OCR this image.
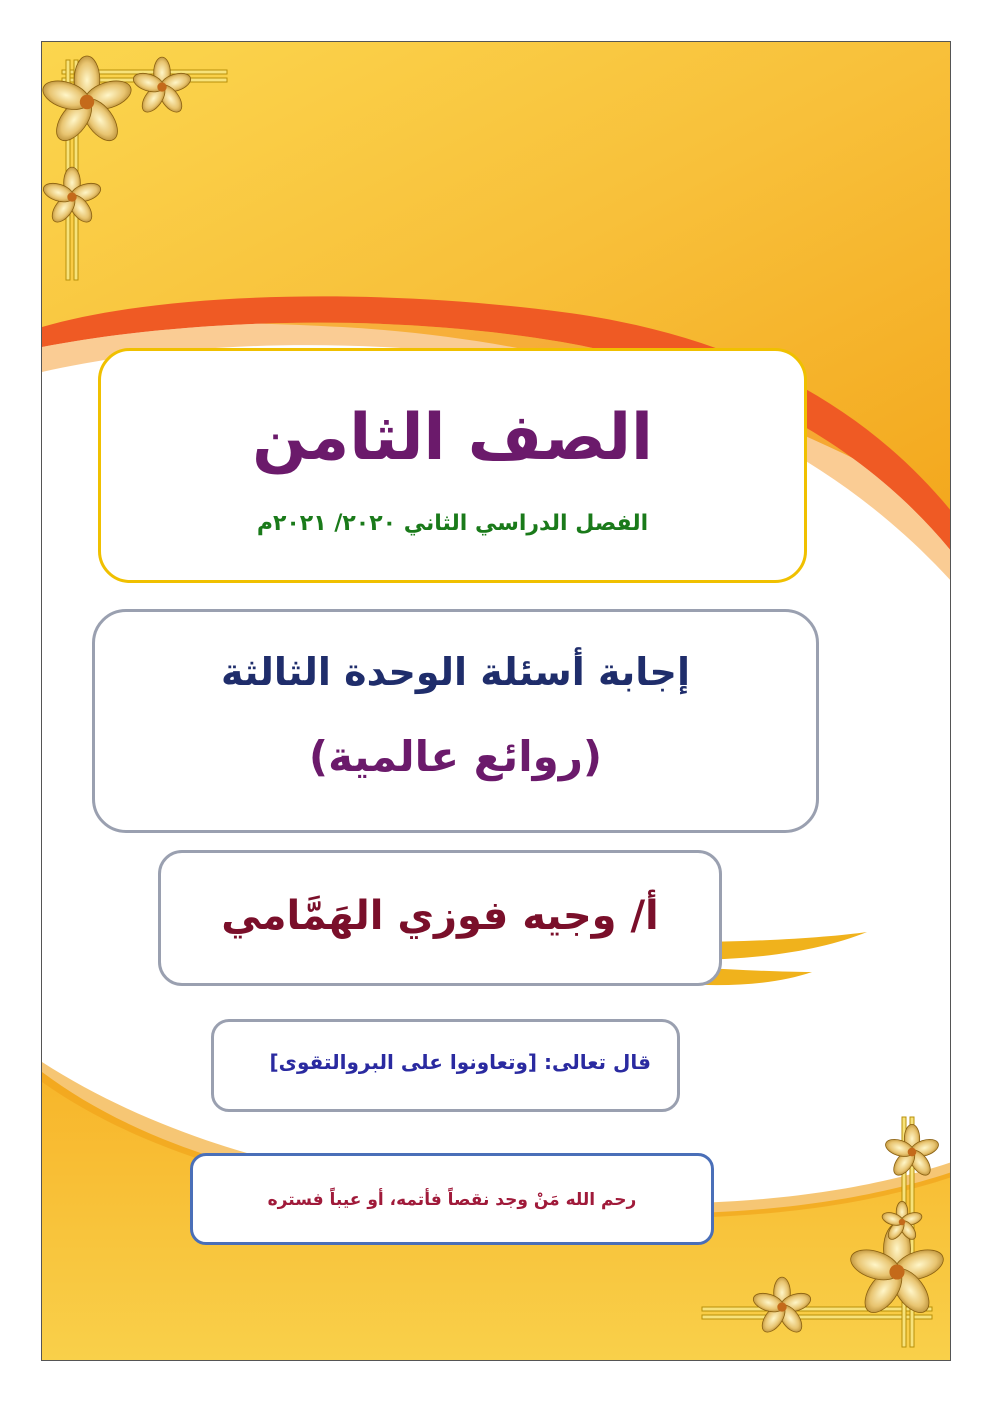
الصف الثامن
الفصل الدراسي الثاني ٢٠٢٠/ ٢٠٢١م
إجابة أسئلة الوحدة الثالثة
(روائع عالمية)
أ/ وجيه فوزي الهَمَّامي
قال تعالى: [وتعاونوا على البروالتقوى]
رحم الله مَنْ وجد نقصاً فأتمه، أو عيباً فستره
